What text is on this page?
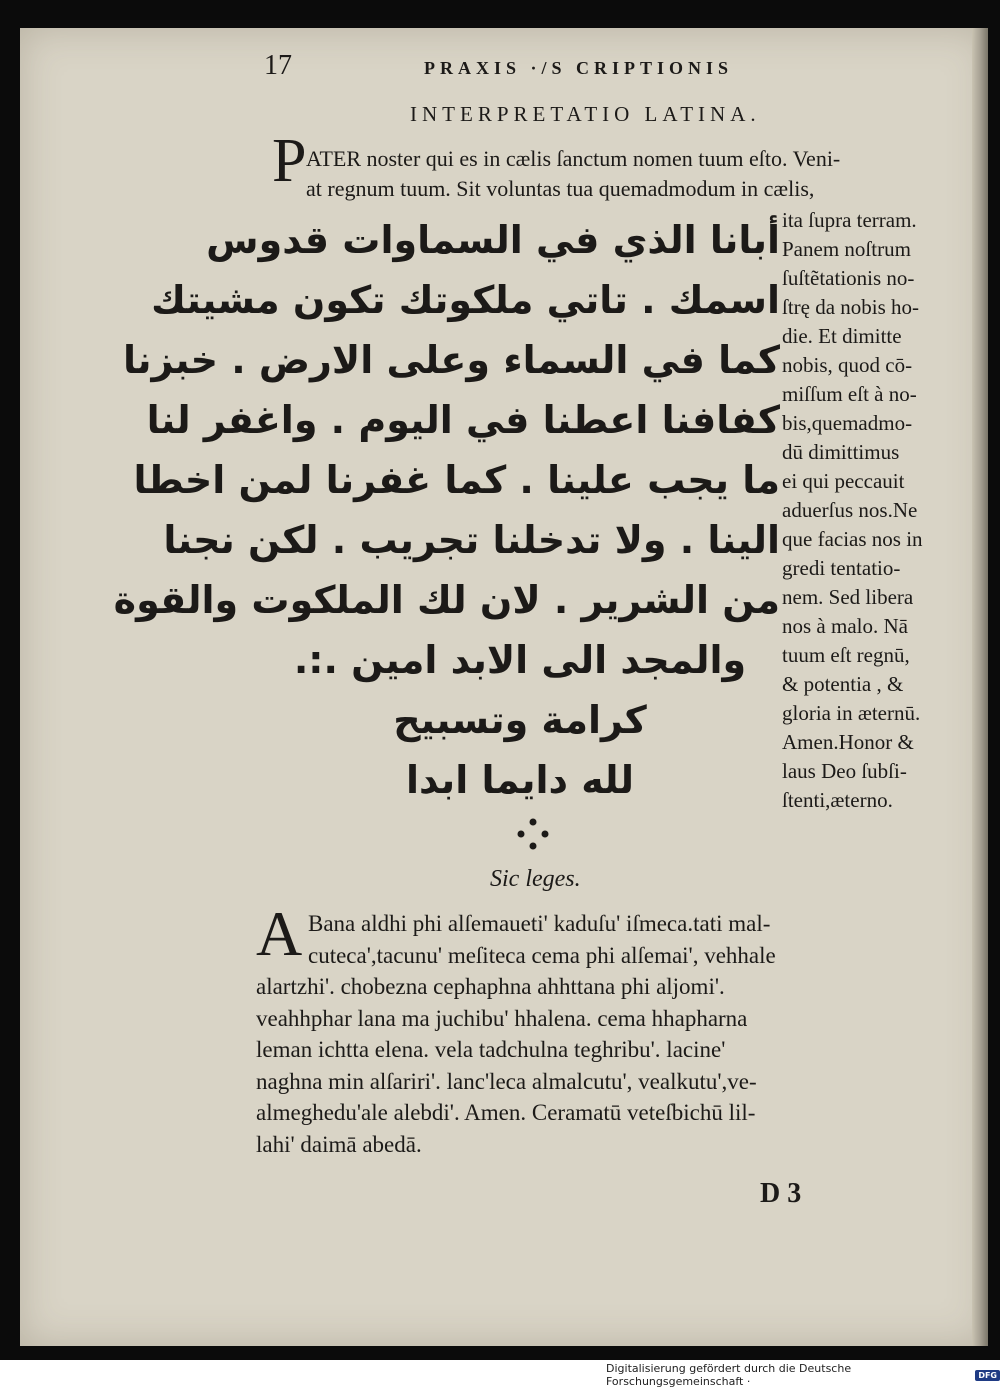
17	PRAXIS ·/S CRIPTIONIS
INTERPRETATIO LATINA.
P ATER noster qui es in cælis ſanctum nomen tuum eſto. Veni-
at regnum tuum. Sit voluntas tua quemadmodum in cælis,
أبانا الذي في السماوات قدوس
اسمك . تاتي ملكوتك تكون مشيتك
كما في السماء وعلى الارض . خبزنا
كفافنا اعطنا في اليوم . واغفر لنا
ما يجب علينا . كما غفرنا لمن اخطا
الينا . ولا تدخلنا تجريب . لكن نجنا
من الشرير . لان لك الملكوت والقوة
والمجد الى الابد امين .:.
كرامة وتسبيح
لله دايما ابدا
ita ſupra terram.
Panem noſtrum
ſuſtẽtationis no-
ſtrę da nobis ho-
die. Et dimitte
nobis, quod cō-
miſſum eſt à no-
bis,quemadmo-
dū dimittimus
ei qui peccauit
aduerſus nos.Ne
que facias nos in
gredi tentatio-
nem. Sed libera
nos à malo. Nā
tuum eſt regnū,
& potentia , &
gloria in æternū.
Amen.Honor &
laus Deo ſubſi-
ſtenti,æterno.
Sic leges.
A Bana aldhi phi alſemaueti' kaduſu' iſmeca.tati mal-
cuteca',tacunu' meſiteca cema phi alſemai', vehhale
alartzhi'. chobezna cephaphna ahhttana phi aljomi'.
veahhphar lana ma juchibu' hhalena. cema hhapharna
leman ichtta elena. vela tadchulna teghribu'. lacine'
naghna min alſariri'. lanc'leca almalcutu', vealkutu',ve-
almeghedu'ale alebdi'. Amen. Ceramatū veteſbichū lil-
lahi' daimā abedā.
D 3
Digitalisierung gefördert durch die Deutsche Forschungsgemeinschaft ·	DFG
